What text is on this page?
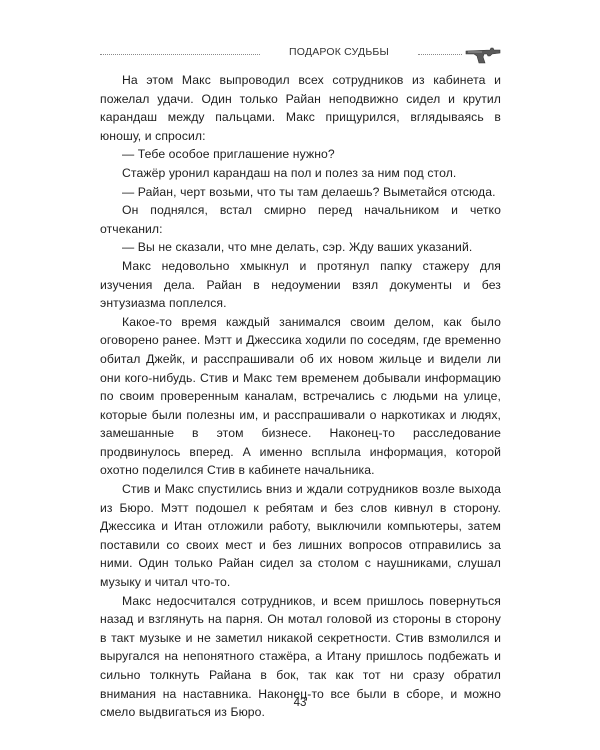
ПОДАРОК СУДЬБЫ

На этом Макс выпроводил всех сотрудников из кабинета и пожелал удачи. Один только Райан неподвижно сидел и крутил карандаш между пальцами. Макс прищурился, вглядываясь в юношу, и спросил:

— Тебе особое приглашение нужно?

Стажёр уронил карандаш на пол и полез за ним под стол.

— Райан, черт возьми, что ты там делаешь? Выметайся отсюда.

Он поднялся, встал смирно перед начальником и четко отчеканил:

— Вы не сказали, что мне делать, сэр. Жду ваших указаний.

Макс недовольно хмыкнул и протянул папку стажеру для изучения дела. Райан в недоумении взял документы и без энтузиазма поплелся.

Какое-то время каждый занимался своим делом, как было оговорено ранее. Мэтт и Джессика ходили по соседям, где временно обитал Джейк, и расспрашивали об их новом жильце и видели ли они кого-нибудь. Стив и Макс тем временем добывали информацию по своим проверенным каналам, встречались с людьми на улице, которые были полезны им, и расспрашивали о наркотиках и людях, замешанные в этом бизнесе. Наконец-то расследование продвинулось вперед. А именно всплыла информация, которой охотно поделился Стив в кабинете начальника.

Стив и Макс спустились вниз и ждали сотрудников возле выхода из Бюро. Мэтт подошел к ребятам и без слов кивнул в сторону. Джессика и Итан отложили работу, выключили компьютеры, затем поставили со своих мест и без лишних вопросов отправились за ними. Один только Райан сидел за столом с наушниками, слушал музыку и читал что-то.

Макс недосчитался сотрудников, и всем пришлось повернуться назад и взглянуть на парня. Он мотал головой из стороны в сторону в такт музыке и не заметил никакой секретности. Стив взмолился и выругался на непонятного стажёра, а Итану пришлось подбежать и сильно толкнуть Райана в бок, так как тот ни сразу обратил внимания на наставника. Наконец-то все были в сборе, и можно смело выдвигаться из Бюро.

43
